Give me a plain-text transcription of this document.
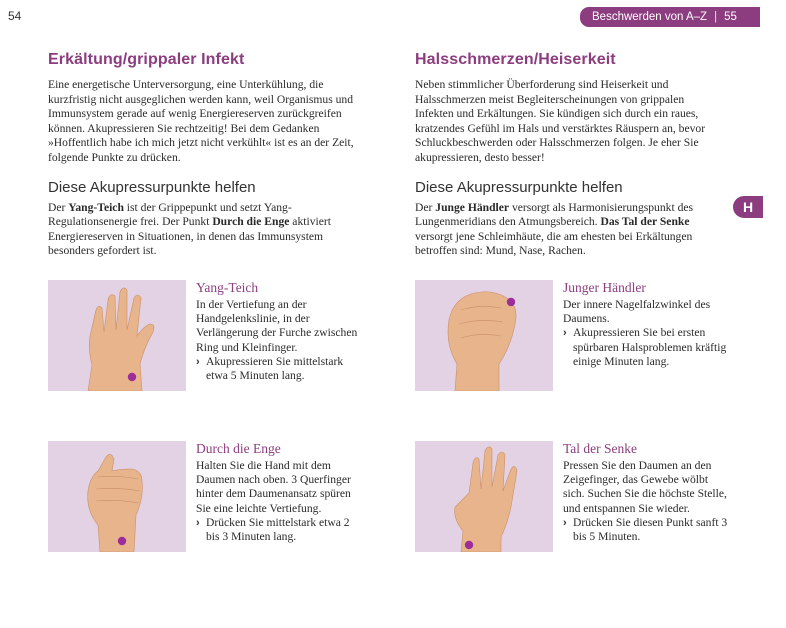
54	Beschwerden von A–Z | 55
H
Erkältung/grippaler Infekt

Eine energetische Unterversorgung, eine Unterkühlung, die kurzfristig nicht ausgeglichen werden kann, weil Organismus und Immunsystem gerade auf wenig Energiereserven zurückgreifen können. Akupressieren Sie rechtzeitig! Bei dem Gedanken »Hoffentlich habe ich mich jetzt nicht verkühlt« ist es an der Zeit, folgende Punkte zu drücken.

Diese Akupressurpunkte helfen

Der Yang-Teich ist der Grippepunkt und setzt Yang-Regulationsenergie frei. Der Punkt Durch die Enge aktiviert Energiereserven in Situationen, in denen das Immunsystem besonders gefordert ist.

Yang-Teich

In der Vertiefung an der Handgelenkslinie, in der Verlängerung der Furche zwischen Ring und Kleinfinger.

› Akupressieren Sie mittelstark etwa 5 Minuten lang.

Durch die Enge

Halten Sie die Hand mit dem Daumen nach oben. 3 Querfinger hinter dem Daumenansatz spüren Sie eine leichte Vertiefung.

› Drücken Sie mittelstark etwa 2 bis 3 Minuten lang.

Halsschmerzen/Heiserkeit

Neben stimmlicher Überforderung sind Heiserkeit und Halsschmerzen meist Begleiterscheinungen von grippalen Infekten und Erkältungen. Sie kündigen sich durch ein raues, kratzendes Gefühl im Hals und verstärktes Räuspern an, bevor Schluckbeschwerden oder Halsschmerzen folgen. Je eher Sie akupressieren, desto besser!

Diese Akupressurpunkte helfen

Der Junge Händler versorgt als Harmonisierungspunkt des Lungenmeridians den Atmungsbereich. Das Tal der Senke versorgt jene Schleimhäute, die am ehesten bei Erkältungen betroffen sind: Mund, Nase, Rachen.

Junger Händler

Der innere Nagelfalzwinkel des Daumens.

› Akupressieren Sie bei ersten spürbaren Halsproblemen kräftig einige Minuten lang.

Tal der Senke

Pressen Sie den Daumen an den Zeigefinger, das Gewebe wölbt sich. Suchen Sie die höchste Stelle, und entspannen Sie wieder.

› Drücken Sie diesen Punkt sanft 3 bis 5 Minuten.
